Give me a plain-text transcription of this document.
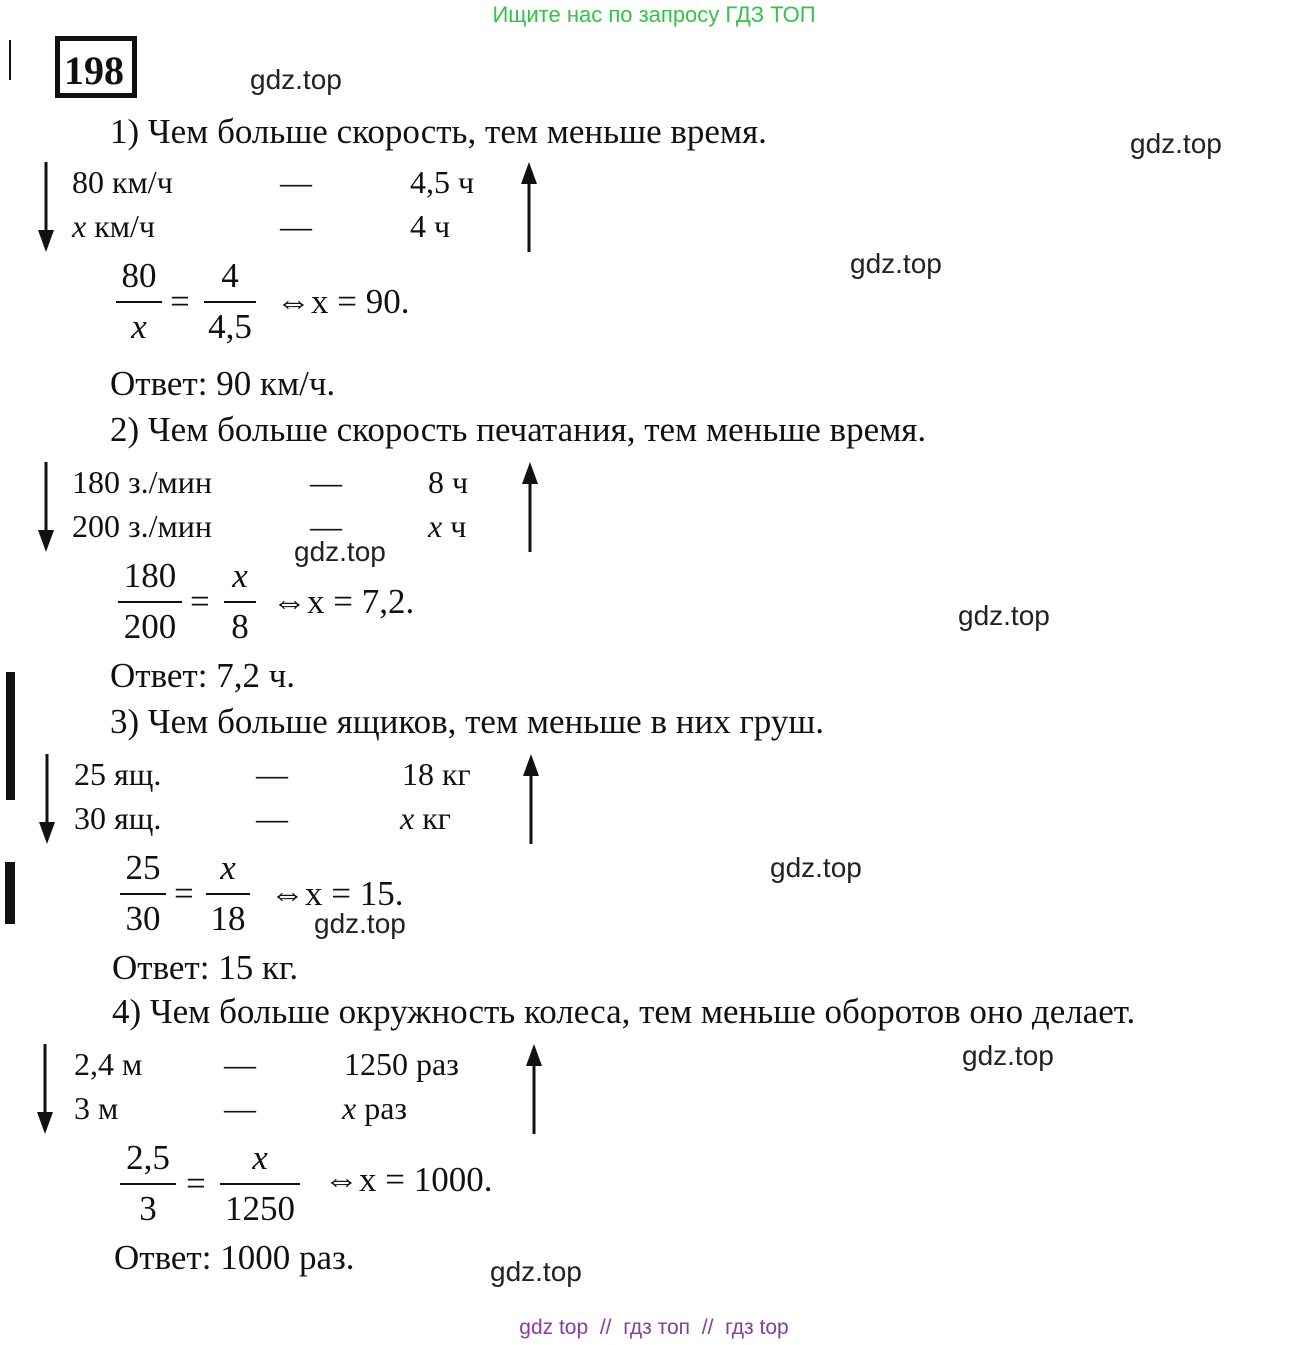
Ищите нас по запросу ГДЗ ТОП
198	gdz.top
gdz.top
gdz.top
gdz.top
gdz.top
gdz.top
gdz.top
gdz.top
gdz.top
1) Чем больше скорость, тем меньше время.
80 км/ч	—	4,5 ч
x км/ч	—	4 ч
80
x
=
4
4,5
⇔x = 90.
Ответ: 90 км/ч.
2) Чем больше скорость печатания, тем меньше время.
180 з./мин	—	8 ч
200 з./мин	—	x ч
180
200
=
x
8
⇔x = 7,2.
Ответ: 7,2 ч.
3) Чем больше ящиков, тем меньше в них груш.
25 ящ.	—	18 кг
30 ящ.	—	x кг
25
30
=
x
18
⇔x = 15.
Ответ: 15 кг.
4) Чем больше окружность колеса, тем меньше оборотов оно делает.
2,4 м	—	1250 раз
3 м	—	x раз
2,5
3
=
x
1250
⇔x = 1000.
Ответ: 1000 раз.
gdz top // гдз топ // гдз top
